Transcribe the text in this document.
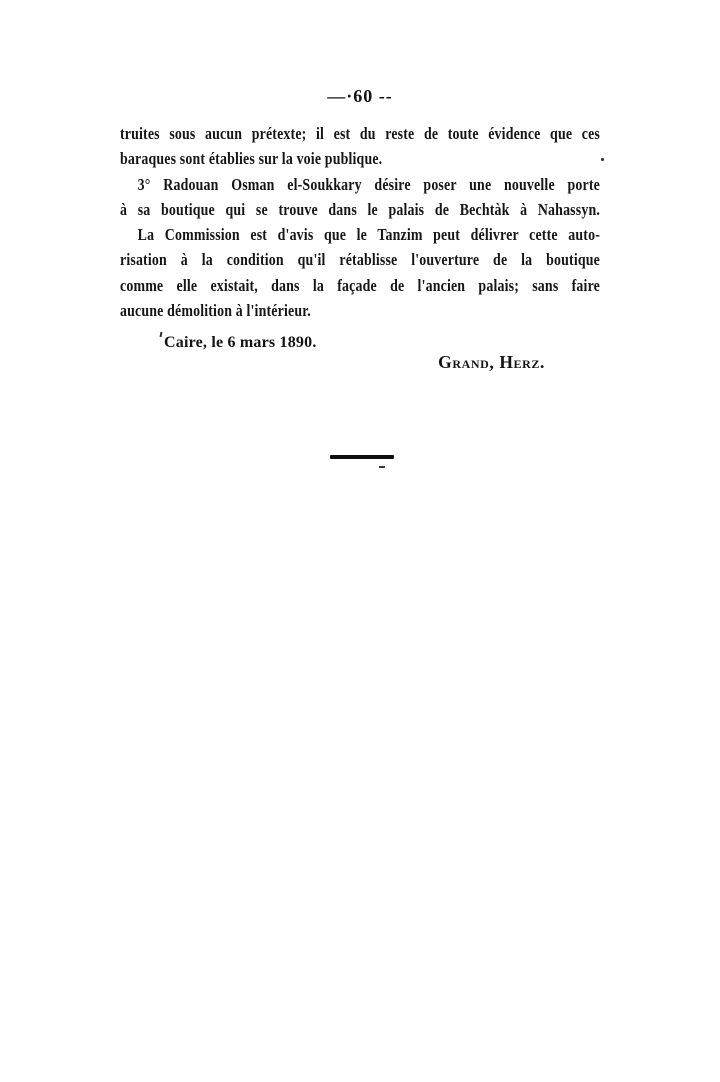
—·60 --
truites sous aucun prétexte; il est du reste de toute évidence que ces
baraques sont établies sur la voie publique.
3° Radouan Osman el-Soukkary désire poser une nouvelle porte
à sa boutique qui se trouve dans le palais de Bechtàk à Nahassyn.
La Commission est d'avis que le Tanzim peut délivrer cette auto-
risation à la condition qu'il rétablisse l'ouverture de la boutique
comme elle existait, dans la façade de l'ancien palais; sans faire
aucune démolition à l'intérieur.
Caire, le 6 mars 1890.
Grand, Herz.
